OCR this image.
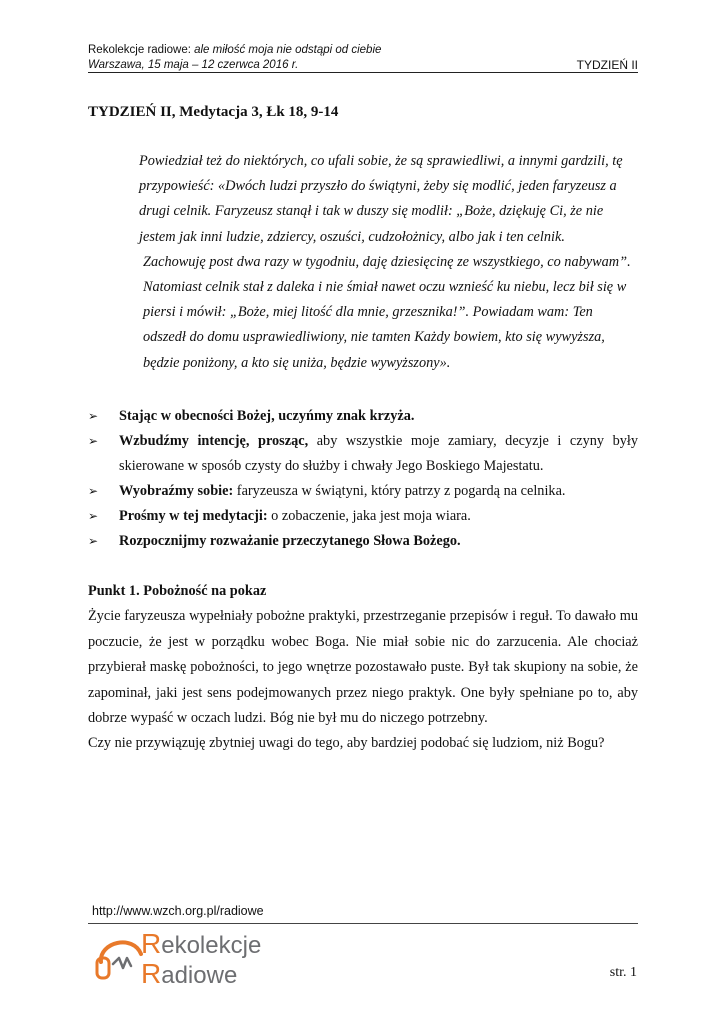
Rekolekcje radiowe: ale miłość moja nie odstąpi od ciebie
Warszawa, 15 maja – 12 czerwca 2016 r.	TYDZIEŃ II
TYDZIEŃ II, Medytacja 3, Łk 18, 9-14

Powiedział też do niektórych, co ufali sobie, że są sprawiedliwi, a innymi gardzili, tę przypowieść: «Dwóch ludzi przyszło do świątyni, żeby się modlić, jeden faryzeusz a drugi celnik. Faryzeusz stanął i tak w duszy się modlił: „Boże, dziękuję Ci, że nie jestem jak inni ludzie, zdziercy, oszuści, cudzołożnicy, albo jak i ten celnik.

Zachowuję post dwa razy w tygodniu, daję dziesięcinę ze wszystkiego, co nabywam”. Natomiast celnik stał z daleka i nie śmiał nawet oczu wznieść ku niebu, lecz bił się w piersi i mówił: „Boże, miej litość dla mnie, grzesznika!”. Powiadam wam: Ten odszedł do domu usprawiedliwiony, nie tamten Każdy bowiem, kto się wywyższa, będzie poniżony, a kto się uniża, będzie wywyższony».

➢ Stając w obecności Bożej, uczyńmy znak krzyża.
➢ Wzbudźmy intencję, prosząc, aby wszystkie moje zamiary, decyzje i czyny były skierowane w sposób czysty do służby i chwały Jego Boskiego Majestatu.
➢ Wyobraźmy sobie: faryzeusza w świątyni, który patrzy z pogardą na celnika.
➢ Prośmy w tej medytacji: o zobaczenie, jaka jest moja wiara.
➢ Rozpocznijmy rozważanie przeczytanego Słowa Bożego.
Punkt 1. Pobożność na pokaz

Życie faryzeusza wypełniały pobożne praktyki, przestrzeganie przepisów i reguł. To dawało mu poczucie, że jest w porządku wobec Boga. Nie miał sobie nic do zarzucenia. Ale chociaż przybierał maskę pobożności, to jego wnętrze pozostawało puste. Był tak skupiony na sobie, że zapominał, jaki jest sens podejmowanych przez niego praktyk. One były spełniane po to, aby dobrze wypaść w oczach ludzi. Bóg nie był mu do niczego potrzebny.

Czy nie przywiązuję zbytniej uwagi do tego, aby bardziej podobać się ludziom, niż Bogu?

http://www.wzch.org.pl/radiowe
Rekolekcje
Radiowe	str. 1
